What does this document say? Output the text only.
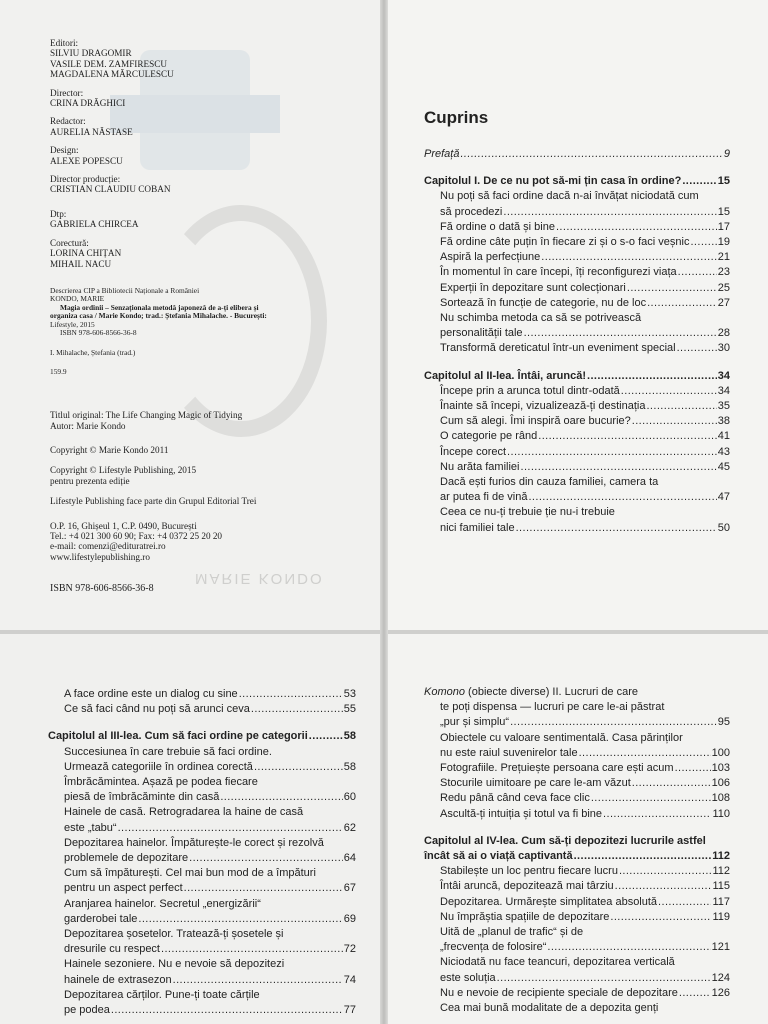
MARIE KONDO
Editori:
SILVIU DRAGOMIR
VASILE DEM. ZAMFIRESCU
MAGDALENA MĂRCULESCU
Director:
CRINA DRĂGHICI
Redactor:
AURELIA NĂSTASE
Design:
ALEXE POPESCU
Director producție:
CRISTIAN CLAUDIU COBAN
Dtp:
GABRIELA CHIRCEA
Corectură:
LORINA CHIȚAN
MIHAIL NACU
Descrierea CIP a Bibliotecii Naționale a României
KONDO, MARIE
Magia ordinii – Senzaționala metodă japoneză de a-ți elibera și
organiza casa / Marie Kondo; trad.: Ștefania Mihalache. - București:
Lifestyle, 2015
ISBN 978-606-8566-36-8
I. Mihalache, Ștefania (trad.)
159.9
Titlul original: The Life Changing Magic of Tidying
Autor: Marie Kondo
Copyright © Marie Kondo 2011
Copyright © Lifestyle Publishing, 2015
pentru prezenta ediție
Lifestyle Publishing face parte din Grupul Editorial Trei
O.P. 16, Ghișeul 1, C.P. 0490, București
Tel.: +4 021 300 60 90; Fax: +4 0372 25 20 20
e-mail: comenzi@edituratrei.ro
www.lifestylepublishing.ro
ISBN 978-606-8566-36-8
Cuprins
Prefață .....	9
Capitolul I. De ce nu pot să-mi țin casa în ordine? .....	15
Nu poți să faci ordine dacă n-ai învățat niciodată cum
să procedezi .....	15
Fă ordine o dată și bine .....	17
Fă ordine câte puțin în fiecare zi și o s-o faci veșnic .....	19
Aspiră la perfecțiune .....	21
În momentul în care începi, îți reconfigurezi viața .....	23
Experții în depozitare sunt colecționari .....	25
Sortează în funcție de categorie, nu de loc .....	27
Nu schimba metoda ca să se potrivească
personalității tale .....	28
Transformă dereticatul într-un eveniment special .....	30
Capitolul al II-lea. Întâi, aruncă! .....	34
Începe prin a arunca totul dintr-odată .....	34
Înainte să începi, vizualizează-ți destinația .....	35
Cum să alegi. Îmi inspiră oare bucurie? .....	38
O categorie pe rând .....	41
Începe corect .....	43
Nu arăta familiei .....	45
Dacă ești furios din cauza familiei, camera ta
ar putea fi de vină .....	47
Ceea ce nu-ți trebuie ție nu-i trebuie
nici familiei tale .....	50
A face ordine este un dialog cu sine .....	53
Ce să faci când nu poți să arunci ceva .....	55
Capitolul al III-lea. Cum să faci ordine pe categorii .....	58
Succesiunea în care trebuie să faci ordine.
Urmează categoriile în ordinea corectă .....	58
Îmbrăcămintea. Așază pe podea fiecare
piesă de îmbrăcăminte din casă .....	60
Hainele de casă. Retrogradarea la haine de casă
este „tabu“ .....	62
Depozitarea hainelor. Împăturește-le corect și rezolvă
problemele de depozitare .....	64
Cum să împăturești. Cel mai bun mod de a împături
pentru un aspect perfect .....	67
Aranjarea hainelor. Secretul „energizării“
garderobei tale .....	69
Depozitarea șosetelor. Tratează-ți șosetele și
dresurile cu respect .....	72
Hainele sezoniere. Nu e nevoie să depozitezi
hainele de extrasezon .....	74
Depozitarea cărților. Pune-ți toate cărțile
pe podea .....	77
Komono (obiecte diverse) II. Lucruri de care
te poți dispensa — lucruri pe care le-ai păstrat
„pur și simplu“ .....	95
Obiectele cu valoare sentimentală. Casa părinților
nu este raiul suvenirelor tale .....	100
Fotografiile. Prețuiește persoana care ești acum .....	103
Stocurile uimitoare pe care le-am văzut .....	106
Redu până când ceva face clic .....	108
Ascultă-ți intuiția și totul va fi bine .....	110
Capitolul al IV-lea. Cum să-ți depozitezi lucrurile astfel
încât să ai o viață captivantă .....	112
Stabilește un loc pentru fiecare lucru .....	112
Întâi aruncă, depozitează mai târziu .....	115
Depozitarea. Urmărește simplitatea absolută .....	117
Nu împrăștia spațiile de depozitare .....	119
Uită de „planul de trafic“ și de
„frecvența de folosire“ .....	121
Niciodată nu face teancuri, depozitarea verticală
este soluția .....	124
Nu e nevoie de recipiente speciale de depozitare .....	126
Cea mai bună modalitate de a depozita genți
